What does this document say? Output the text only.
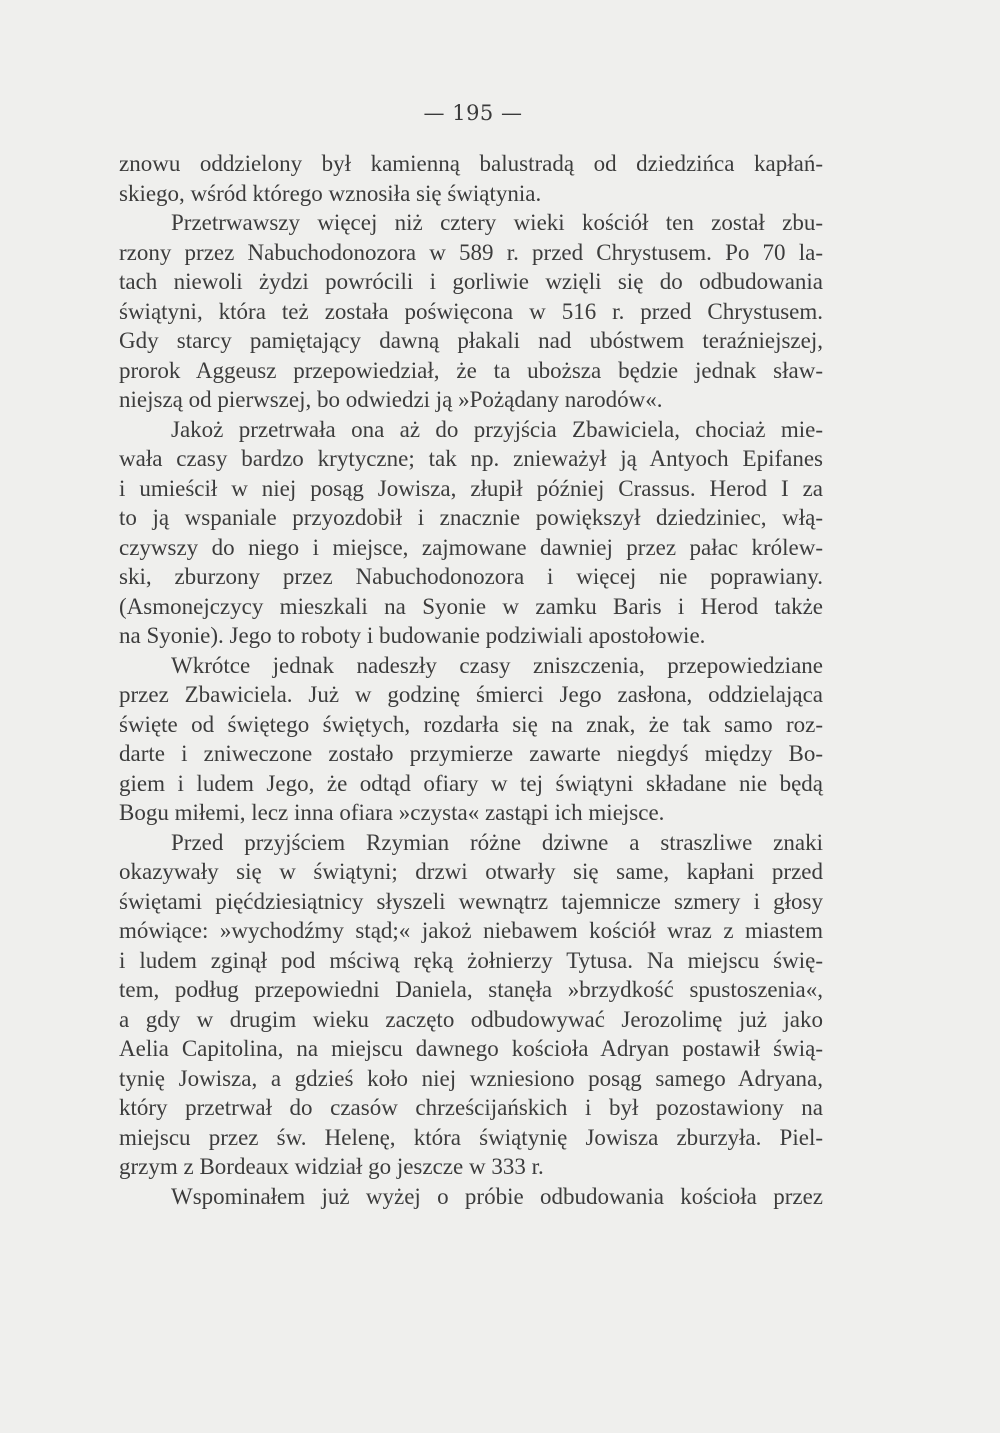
— 195 —
znowu oddzielony był kamienną balustradą od dziedzińca kapłań-
skiego, wśród którego wznosiła się świątynia.
Przetrwawszy więcej niż cztery wieki kościół ten został zbu-
rzony przez Nabuchodonozora w 589 r. przed Chrystusem. Po 70 la-
tach niewoli żydzi powrócili i gorliwie wzięli się do odbudowania
świątyni, która też została poświęcona w 516 r. przed Chrystusem.
Gdy starcy pamiętający dawną płakali nad ubóstwem teraźniejszej,
prorok Aggeusz przepowiedział, że ta uboższa będzie jednak sław-
niejszą od pierwszej, bo odwiedzi ją »Pożądany narodów«.
Jakoż przetrwała ona aż do przyjścia Zbawiciela, chociaż mie-
wała czasy bardzo krytyczne; tak np. znieważył ją Antyoch Epifanes
i umieścił w niej posąg Jowisza, złupił później Crassus. Herod I za
to ją wspaniale przyozdobił i znacznie powiększył dziedziniec, włą-
czywszy do niego i miejsce, zajmowane dawniej przez pałac królew-
ski, zburzony przez Nabuchodonozora i więcej nie poprawiany.
(Asmonejczycy mieszkali na Syonie w zamku Baris i Herod także
na Syonie). Jego to roboty i budowanie podziwiali apostołowie.
Wkrótce jednak nadeszły czasy zniszczenia, przepowiedziane
przez Zbawiciela. Już w godzinę śmierci Jego zasłona, oddzielająca
święte od świętego świętych, rozdarła się na znak, że tak samo roz-
darte i zniweczone zostało przymierze zawarte niegdyś między Bo-
giem i ludem Jego, że odtąd ofiary w tej świątyni składane nie będą
Bogu miłemi, lecz inna ofiara »czysta« zastąpi ich miejsce.
Przed przyjściem Rzymian różne dziwne a straszliwe znaki
okazywały się w świątyni; drzwi otwarły się same, kapłani przed
świętami pięćdziesiątnicy słyszeli wewnątrz tajemnicze szmery i głosy
mówiące: »wychodźmy stąd;« jakoż niebawem kościół wraz z miastem
i ludem zginął pod mściwą ręką żołnierzy Tytusa. Na miejscu świę-
tem, podług przepowiedni Daniela, stanęła »brzydkość spustoszenia«,
a gdy w drugim wieku zaczęto odbudowywać Jerozolimę już jako
Aelia Capitolina, na miejscu dawnego kościoła Adryan postawił świą-
tynię Jowisza, a gdzieś koło niej wzniesiono posąg samego Adryana,
który przetrwał do czasów chrześcijańskich i był pozostawiony na
miejscu przez św. Helenę, która świątynię Jowisza zburzyła. Piel-
grzym z Bordeaux widział go jeszcze w 333 r.
Wspominałem już wyżej o próbie odbudowania kościoła przez
